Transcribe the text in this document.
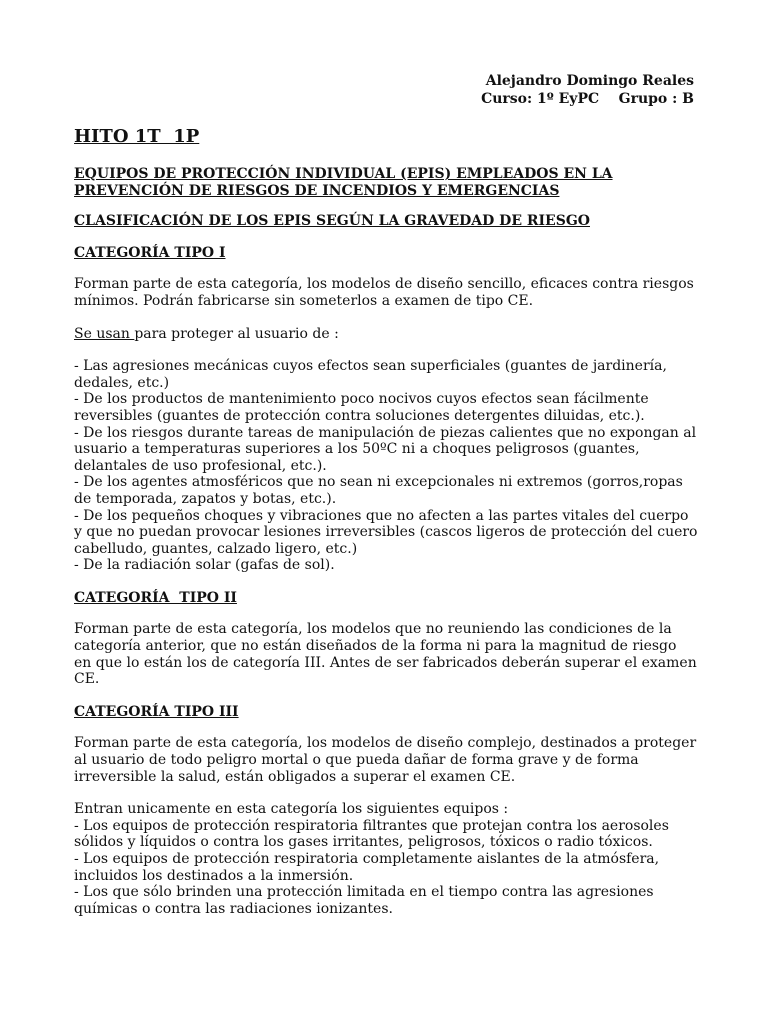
Alejandro Domingo Reales
Curso: 1º EyPC    Grupo : B
HITO 1T  1P
EQUIPOS DE PROTECCIÓN INDIVIDUAL (EPIS) EMPLEADOS EN LA PREVENCIÓN DE RIESGOS DE INCENDIOS Y EMERGENCIAS
CLASIFICACIÓN DE LOS EPIS SEGÚN LA GRAVEDAD DE RIESGO
CATEGORÍA TIPO I

Forman parte de esta categoría, los modelos de diseño sencillo, eficaces contra riesgos mínimos. Podrán fabricarse sin someterlos a examen de tipo CE.

Se usan para proteger al usuario de :

- Las agresiones mecánicas cuyos efectos sean superficiales (guantes de jardinería, dedales, etc.)
- De los productos de mantenimiento poco nocivos cuyos efectos sean fácilmente reversibles (guantes de protección contra soluciones detergentes diluidas, etc.).
- De los riesgos durante tareas de manipulación de piezas calientes que no expongan al usuario a temperaturas superiores a los 50ºC ni a choques peligrosos (guantes, delantales de uso profesional, etc.).
- De los agentes atmosféricos que no sean ni excepcionales ni extremos (gorros,ropas de temporada, zapatos y botas, etc.).
- De los pequeños choques y vibraciones que no afecten a las partes vitales del cuerpo y que no puedan provocar lesiones irreversibles (cascos ligeros de protección del cuero cabelludo, guantes, calzado ligero, etc.)
- De la radiación solar (gafas de sol).
CATEGORÍA  TIPO II

Forman parte de esta categoría, los modelos que no reuniendo las condiciones de la categoría anterior, que no están diseñados de la forma ni para la magnitud de riesgo en que lo están los de categoría III. Antes de ser fabricados deberán superar el examen CE.

CATEGORÍA TIPO III

Forman parte de esta categoría, los modelos de diseño complejo, destinados a proteger al usuario de todo peligro mortal o que pueda dañar de forma grave y de forma irreversible la salud, están obligados a superar el examen CE.

Entran unicamente en esta categoría los siguientes equipos :

- Los equipos de protección respiratoria filtrantes que protejan contra los aerosoles sólidos y líquidos o contra los gases irritantes, peligrosos, tóxicos o radio tóxicos.
- Los equipos de protección respiratoria completamente aislantes de la atmósfera, incluidos los destinados a la inmersión.
- Los que sólo brinden una protección limitada en el tiempo contra las agresiones químicas o contra las radiaciones ionizantes.
